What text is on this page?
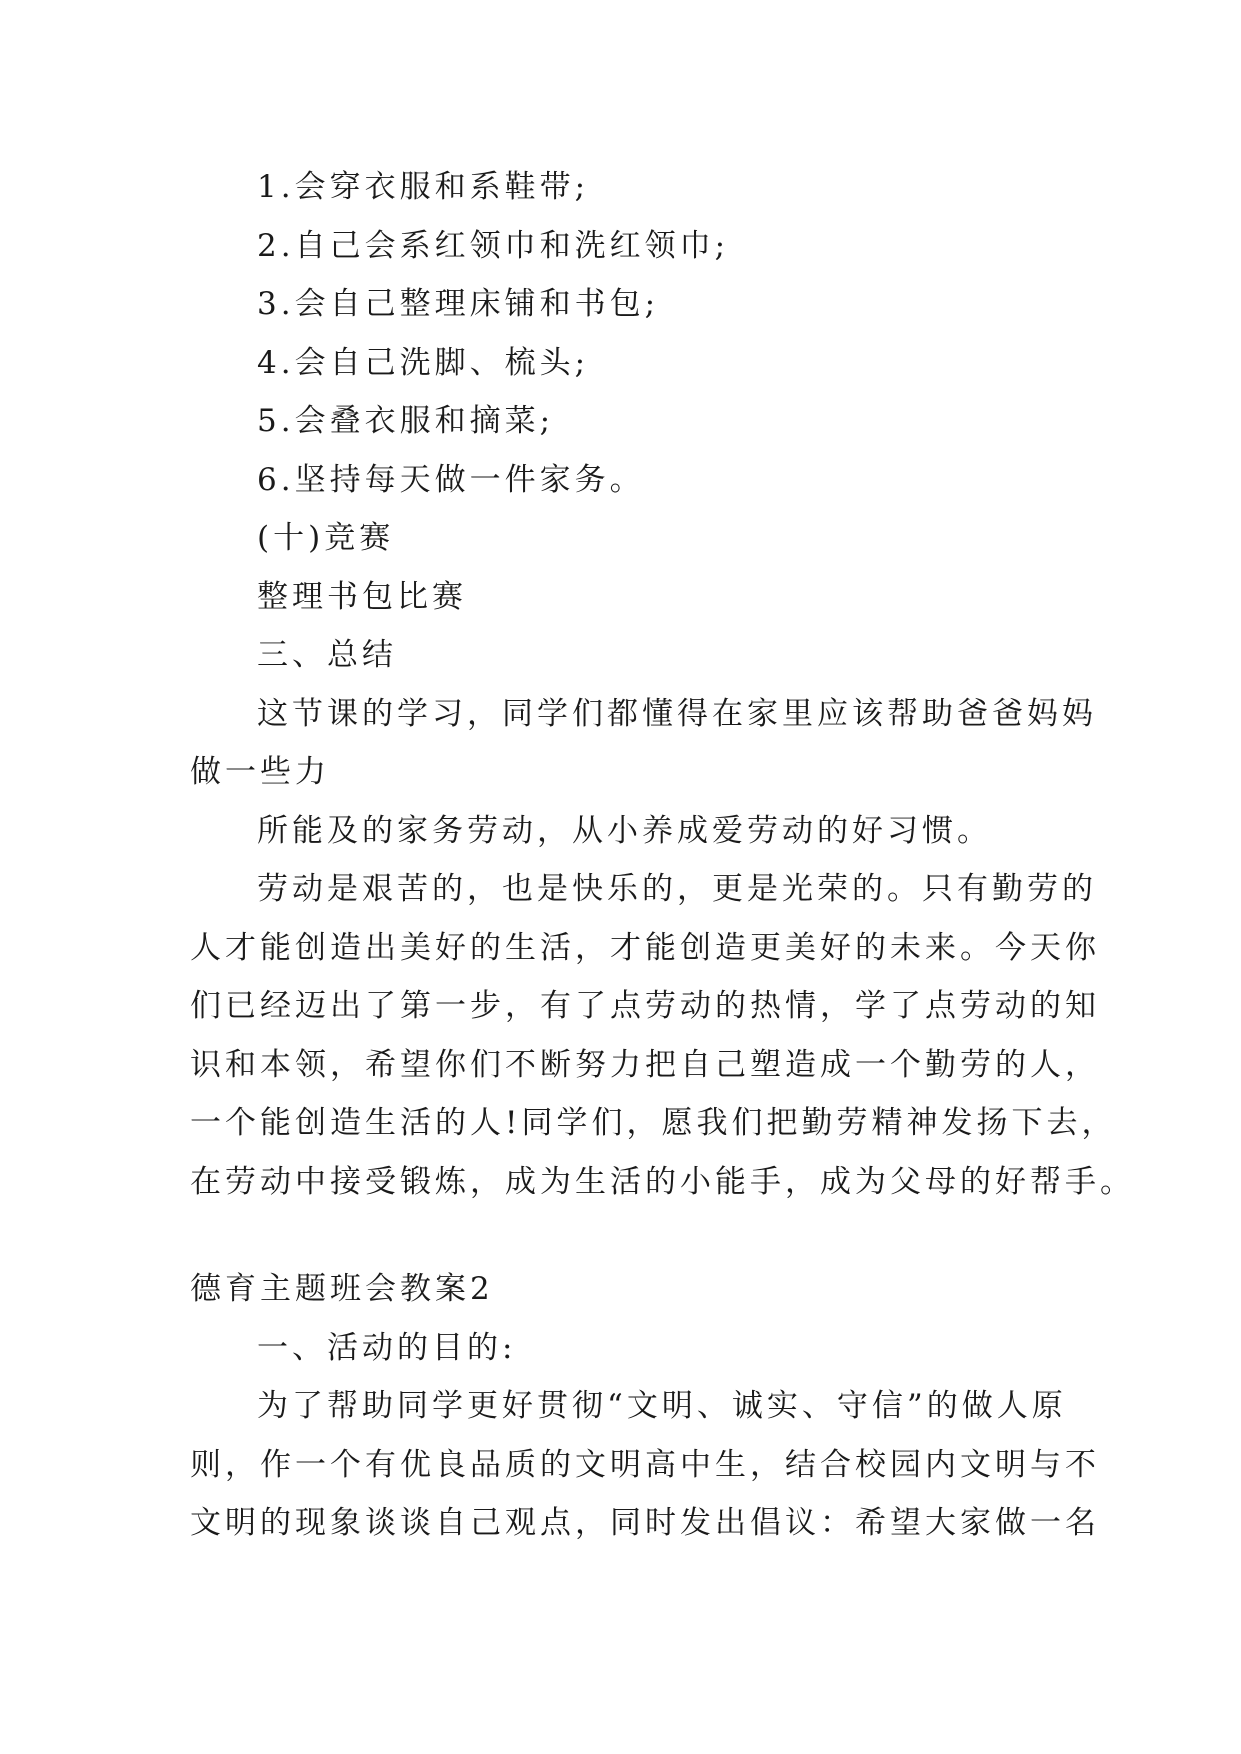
1.会穿衣服和系鞋带;
2.自己会系红领巾和洗红领巾;
3.会自己整理床铺和书包;
4.会自己洗脚、梳头;
5.会叠衣服和摘菜;
6.坚持每天做一件家务。
(十)竞赛
整理书包比赛
三、总结
这节课的学习，同学们都懂得在家里应该帮助爸爸妈妈
做一些力
所能及的家务劳动，从小养成爱劳动的好习惯。
劳动是艰苦的，也是快乐的，更是光荣的。只有勤劳的
人才能创造出美好的生活，才能创造更美好的未来。今天你
们已经迈出了第一步，有了点劳动的热情，学了点劳动的知
识和本领，希望你们不断努力把自己塑造成一个勤劳的人，
一个能创造生活的人!同学们，愿我们把勤劳精神发扬下去，
在劳动中接受锻炼，成为生活的小能手，成为父母的好帮手。
德育主题班会教案2
一、活动的目的:
为了帮助同学更好贯彻“文明、诚实、守信”的做人原
则，作一个有优良品质的文明高中生，结合校园内文明与不
文明的现象谈谈自己观点，同时发出倡议：希望大家做一名
